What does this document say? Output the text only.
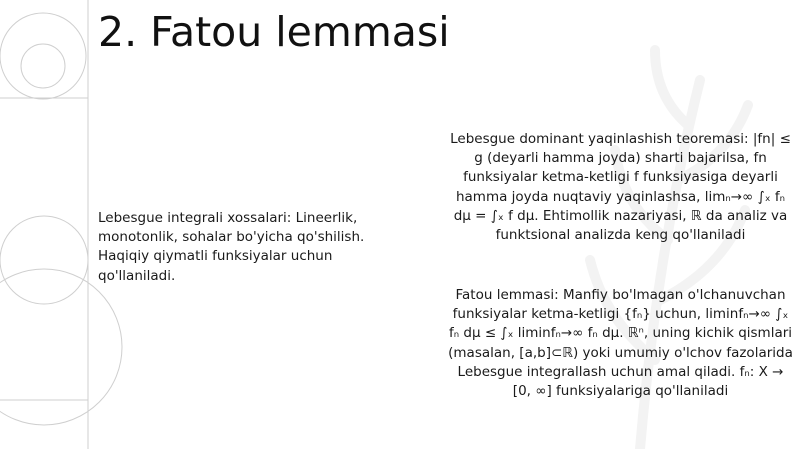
2. Fatou lemmasi

Lebesgue integrali xossalari: Lineerlik, monotonlik, sohalar bo'yicha qo'shilish. Haqiqiy qiymatli funksiyalar uchun qo'llaniladi.

Lebesgue dominant yaqinlashish teoremasi: |fn| ≤ g (deyarli hamma joyda) sharti bajarilsa, fn funksiyalar ketma-ketligi f funksiyasiga deyarli hamma joyda nuqtaviy yaqinlashsa, limₙ→∞ ∫ₓ fₙ dμ = ∫ₓ f dμ. Ehtimollik nazariyasi, ℝ da analiz va funktsional analizda keng qo'llaniladi

Fatou lemmasi: Manfiy bo'lmagan o'lchanuvchan funksiyalar ketma-ketligi {fₙ} uchun, liminfₙ→∞ ∫ₓ fₙ dμ ≤ ∫ₓ liminfₙ→∞ fₙ dμ. ℝⁿ, uning kichik qismlari (masalan, [a,b]⊂ℝ) yoki umumiy o'lchov fazolarida Lebesgue integrallash uchun amal qiladi. fₙ: X → [0, ∞] funksiyalariga qo'llaniladi
